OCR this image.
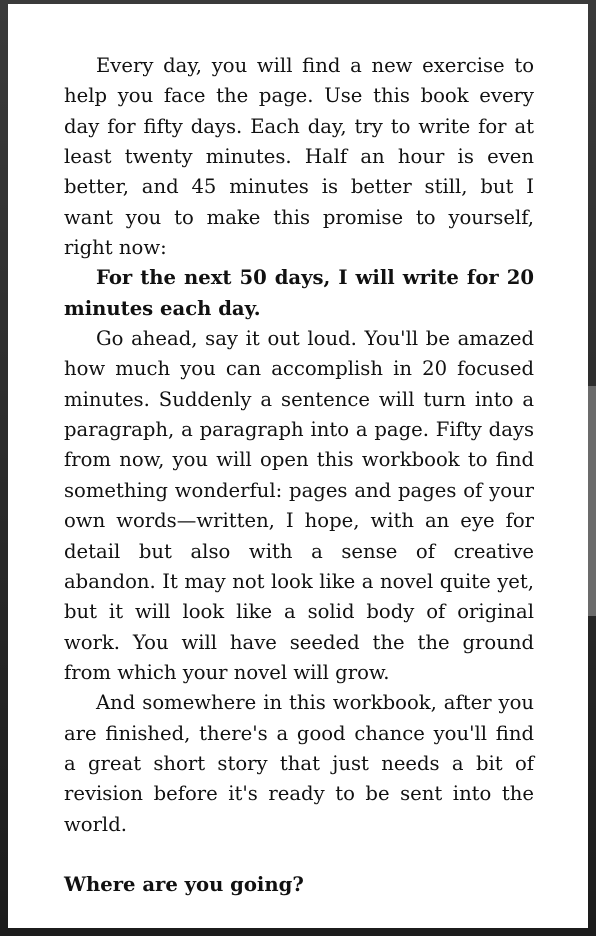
Every day, you will find a new exercise to help you face the page. Use this book every day for fifty days. Each day, try to write for at least twenty minutes. Half an hour is even better, and 45 minutes is better still, but I want you to make this promise to yourself, right now:

For the next 50 days, I will write for 20 minutes each day.

Go ahead, say it out loud. You'll be amazed how much you can accomplish in 20 focused minutes. Suddenly a sentence will turn into a paragraph, a paragraph into a page. Fifty days from now, you will open this workbook to find something wonderful: pages and pages of your own words—written, I hope, with an eye for detail but also with a sense of creative abandon. It may not look like a novel quite yet, but it will look like a solid body of original work. You will have seeded the the ground from which your novel will grow.

And somewhere in this workbook, after you are finished, there's a good chance you'll find a great short story that just needs a bit of revision before it's ready to be sent into the world.

Where are you going?
